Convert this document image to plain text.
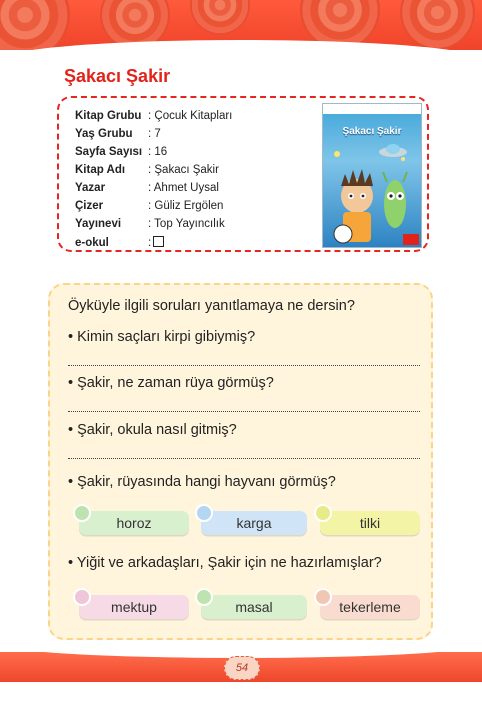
Şakacı Şakir
Kitap Grubu : Çocuk Kitapları
Yaş Grubu : 7
Sayfa Sayısı : 16
Kitap Adı : Şakacı Şakir
Yazar	: Ahmet Uysal
Çizer	: Güliz Ergölen
Yayınevi : Top Yayıncılık
e-okul	:
Şakacı Şakir
Öyküyle ilgili soruları yanıtlamaya ne dersin?
• Kimin saçları kirpi gibiymiş?
• Şakir, ne zaman rüya görmüş?
• Şakir, okula nasıl gitmiş?
• Şakir, rüyasında hangi hayvanı görmüş?
horoz	karga	tilki
• Yiğit ve arkadaşları, Şakir için ne hazırlamışlar?
mektup	masal	tekerleme
54
